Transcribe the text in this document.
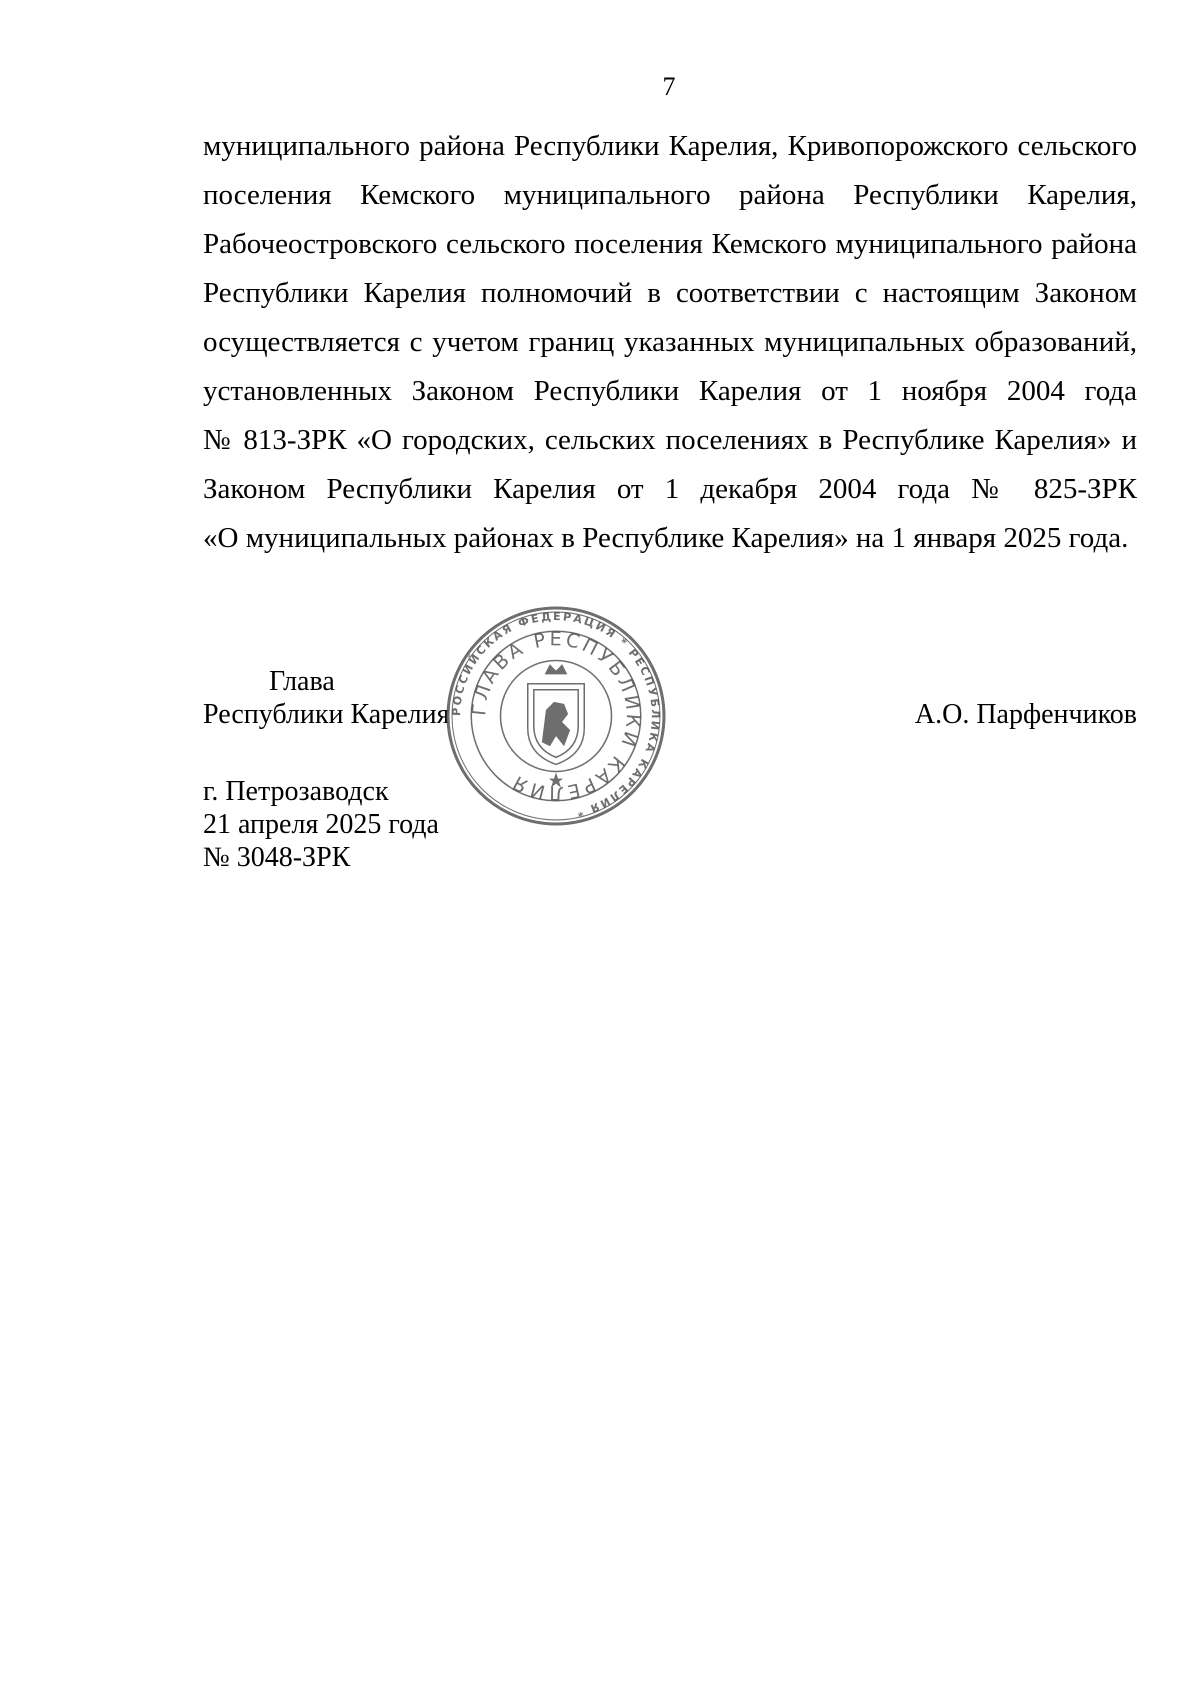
7

муниципального района Республики Карелия, Кривопорожского сельского
поселения Кемского муниципального района Республики Карелия,
Рабочеостровского сельского поселения Кемского муниципального района
Республики Карелия полномочий в соответствии с настоящим Законом
осуществляется с учетом границ указанных муниципальных образований,
установленных Законом Республики Карелия от 1 ноября 2004 года
№ 813-ЗРК «О городских, сельских поселениях в Республике Карелия» и
Законом Республики Карелия от 1 декабря 2004 года № 825-ЗРК
«О муниципальных районах в Республике Карелия» на 1 января 2025 года.

Глава
Республики Карелия	А.О. Парфенчиков
г. Петрозаводск
21 апреля 2025 года
№ 3048-ЗРК
РОССИЙСКАЯ ФЕДЕРАЦИЯ * РЕСПУБЛИКА КАРЕЛИЯ *
ГЛАВА РЕСПУБЛИКИ КАРЕЛИЯ
